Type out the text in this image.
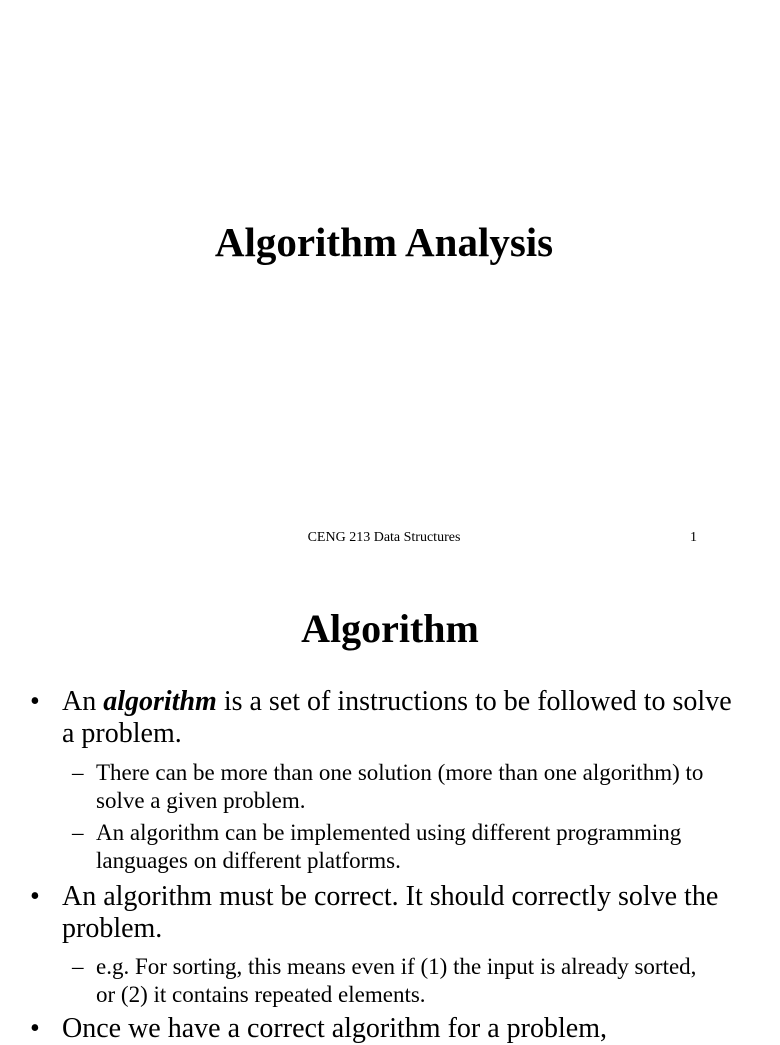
Algorithm Analysis
CENG 213 Data Structures	1
Algorithm
• An algorithm is a set of instructions to be followed to solve a problem.
– There can be more than one solution (more than one algorithm) to solve a given problem.
– An algorithm can be implemented using different programming languages on different platforms.
• An algorithm must be correct. It should correctly solve the problem.
– e.g. For sorting, this means even if (1) the input is already sorted, or (2) it contains repeated elements.
• Once we have a correct algorithm for a problem,
